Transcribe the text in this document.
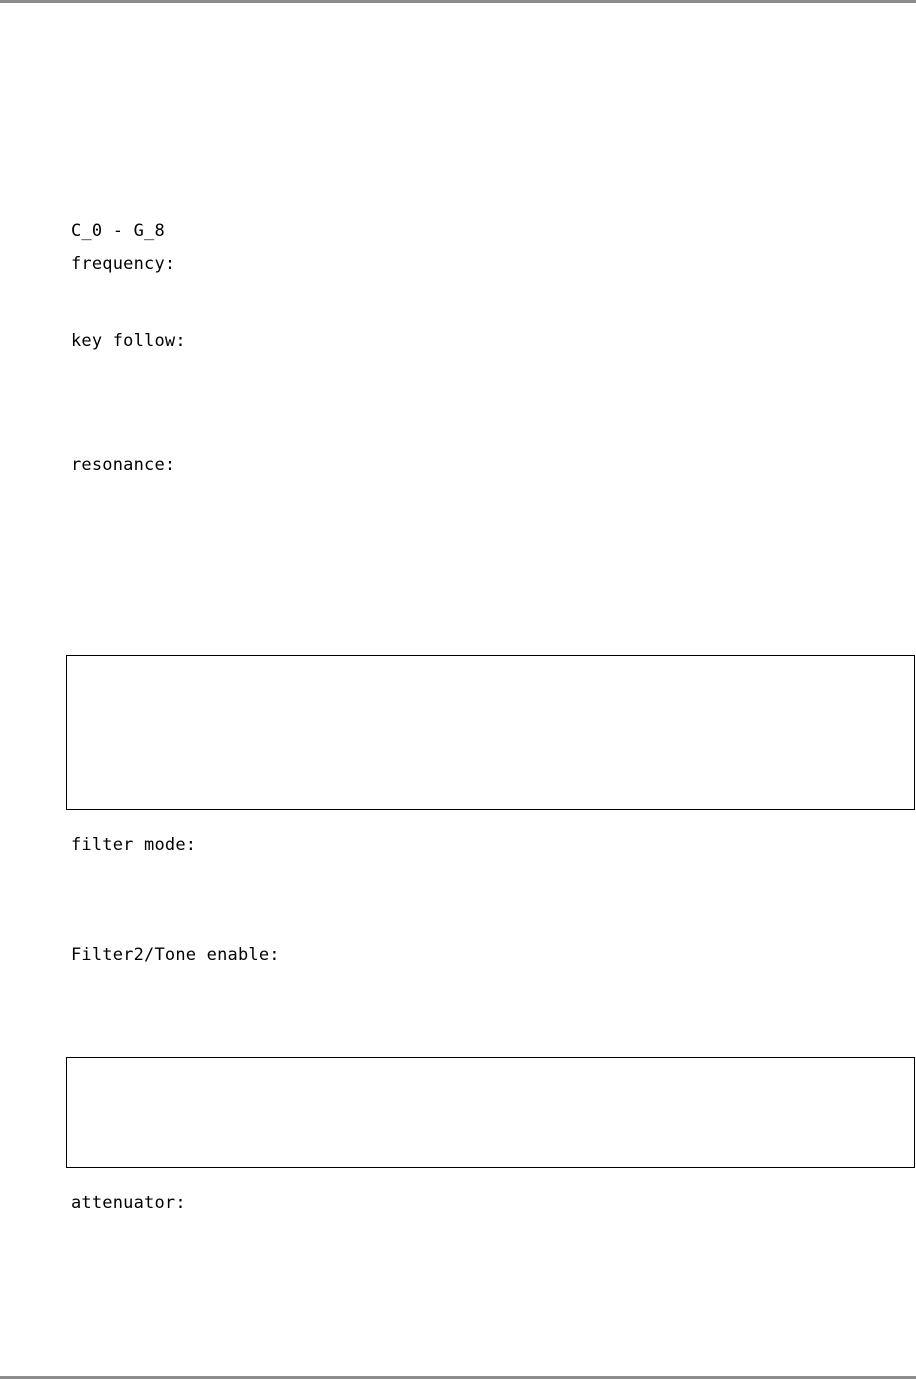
C_0 - G_8
frequency:
key follow:
resonance:
filter mode:
Filter2/Tone enable:
attenuator:
